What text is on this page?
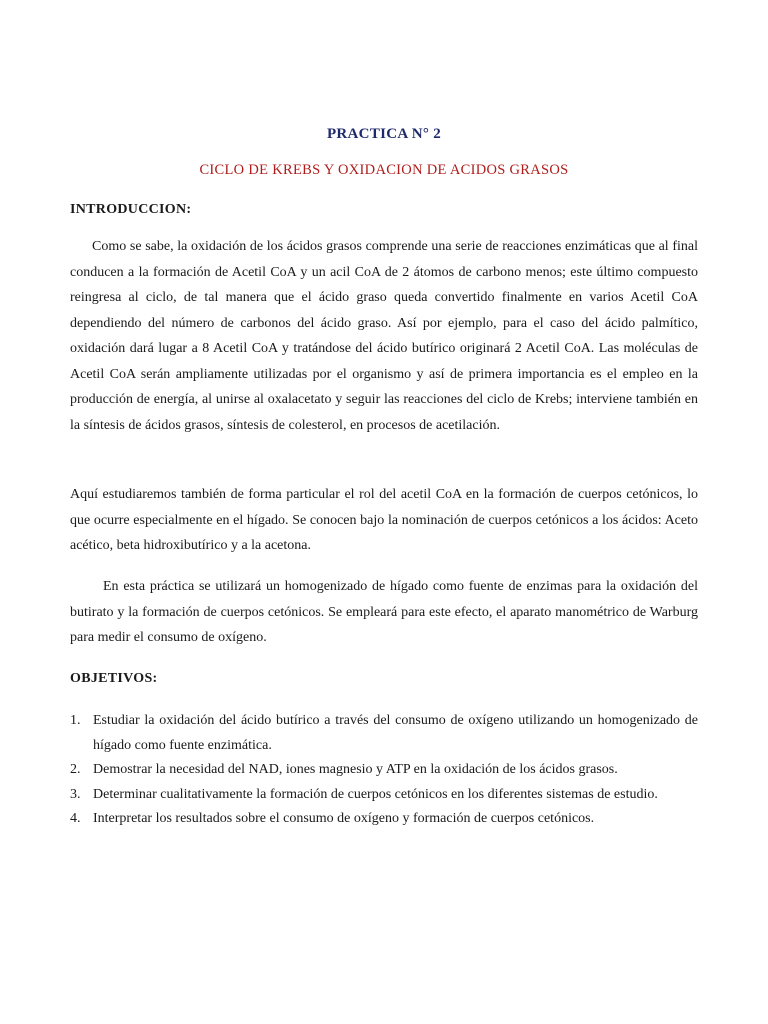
PRACTICA N° 2
CICLO DE KREBS Y OXIDACION DE ACIDOS GRASOS
INTRODUCCION:

Como se sabe, la oxidación de los ácidos grasos comprende una serie de reacciones enzimáticas que al final conducen a la formación de Acetil CoA y un acil CoA de 2 átomos de carbono menos; este último compuesto reingresa al ciclo, de tal manera que el ácido graso queda convertido finalmente en varios Acetil CoA dependiendo del número de carbonos del ácido graso. Así por ejemplo, para el caso del ácido palmítico, oxidación dará lugar a 8 Acetil CoA y tratándose del ácido butírico originará 2 Acetil CoA. Las moléculas de Acetil CoA serán ampliamente utilizadas por el organismo y así de primera importancia es el empleo en la producción de energía, al unirse al oxalacetato y seguir las reacciones del ciclo de Krebs; interviene también en la síntesis de ácidos grasos, síntesis de colesterol, en procesos de acetilación.

Aquí estudiaremos también de forma particular el rol del acetil CoA en la formación de cuerpos cetónicos, lo que ocurre especialmente en el hígado. Se conocen bajo la nominación de cuerpos cetónicos a los ácidos: Aceto acético, beta hidroxibutírico y a la acetona.

En esta práctica se utilizará un homogenizado de hígado como fuente de enzimas para la oxidación del butirato y la formación de cuerpos cetónicos. Se empleará para este efecto, el aparato manométrico de Warburg para medir el consumo de oxígeno.

OBJETIVOS:
1. Estudiar la oxidación del ácido butírico a través del consumo de oxígeno utilizando un homogenizado de hígado como fuente enzimática.
2. Demostrar la necesidad del NAD, iones magnesio y ATP en la oxidación de los ácidos grasos.
3. Determinar cualitativamente la formación de cuerpos cetónicos en los diferentes sistemas de estudio.
4. Interpretar los resultados sobre el consumo de oxígeno y formación de cuerpos cetónicos.
